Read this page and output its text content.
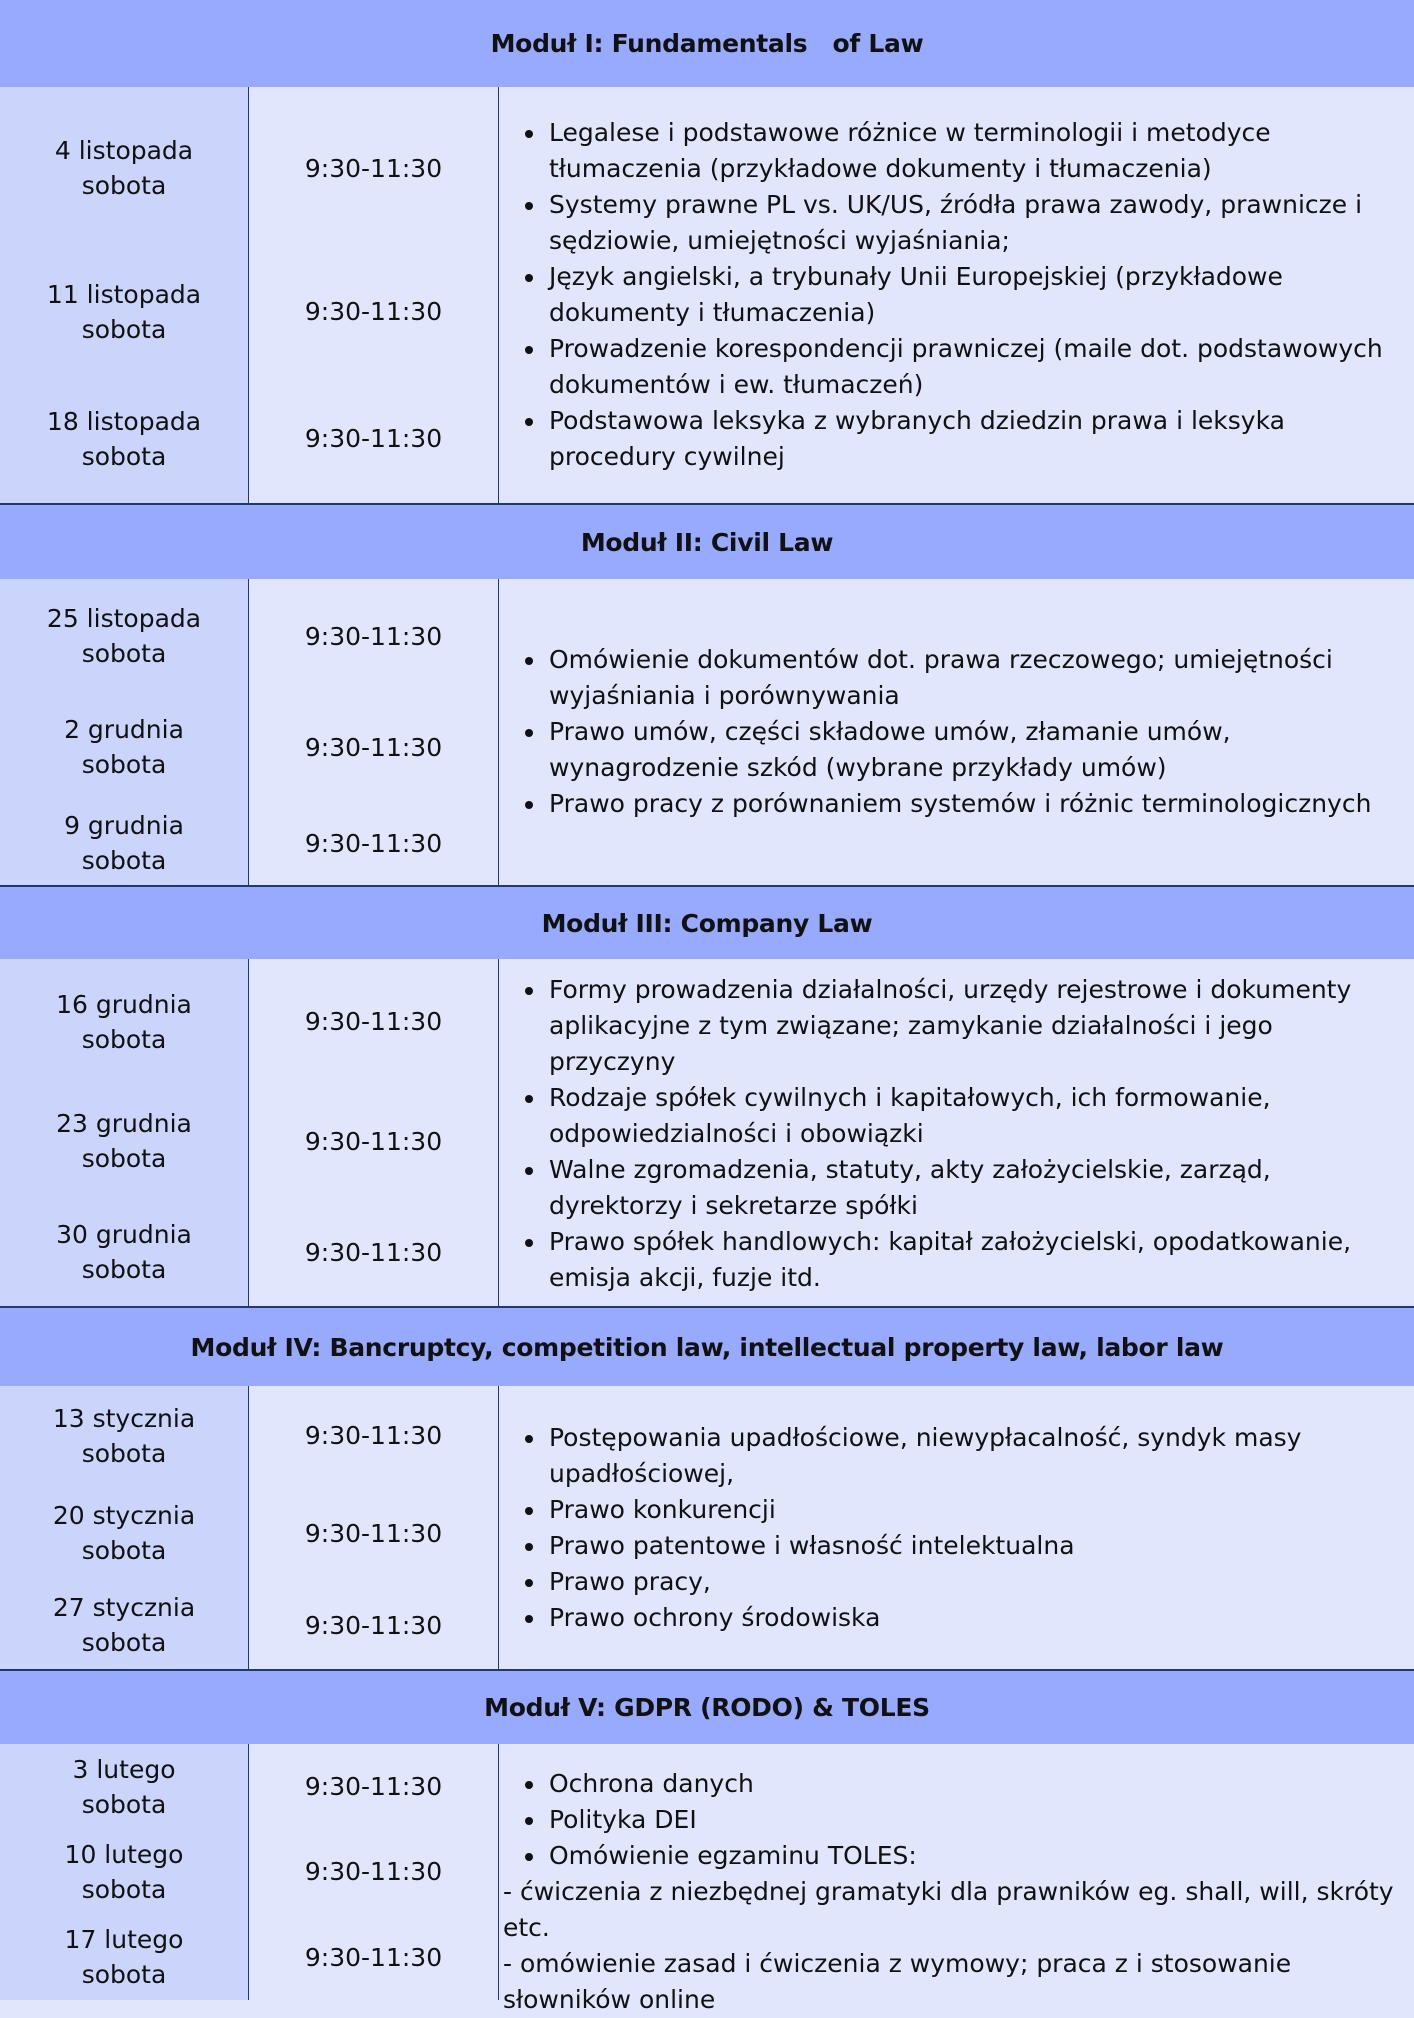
Moduł I: Fundamentals   of Law
4 listopada
sobota
9:30-11:30
11 listopada
sobota
9:30-11:30
18 listopada
sobota
9:30-11:30
• Legalese i podstawowe różnice w terminologii i metodyce tłumaczenia (przykładowe dokumenty i tłumaczenia)
• Systemy prawne PL vs. UK/US, źródła prawa zawody, prawnicze i sędziowie, umiejętności wyjaśniania;
• Język angielski, a trybunały Unii Europejskiej (przykładowe dokumenty i tłumaczenia)
• Prowadzenie korespondencji prawniczej (maile dot. podstawowych dokumentów i ew. tłumaczeń)
• Podstawowa leksyka z wybranych dziedzin prawa i leksyka procedury cywilnej
Moduł II: Civil Law
25 listopada
sobota
9:30-11:30
2 grudnia
sobota
9:30-11:30
9 grudnia
sobota
9:30-11:30
• Omówienie dokumentów dot. prawa rzeczowego; umiejętności wyjaśniania i porównywania
• Prawo umów, części składowe umów, złamanie umów, wynagrodzenie szkód (wybrane przykłady umów)
• Prawo pracy z porównaniem systemów i różnic terminologicznych
Moduł III: Company Law
16 grudnia
sobota
9:30-11:30
23 grudnia
sobota
9:30-11:30
30 grudnia
sobota
9:30-11:30
• Formy prowadzenia działalności, urzędy rejestrowe i dokumenty aplikacyjne z tym związane; zamykanie działalności i jego przyczyny
• Rodzaje spółek cywilnych i kapitałowych, ich formowanie, odpowiedzialności i obowiązki
• Walne zgromadzenia, statuty, akty założycielskie, zarząd, dyrektorzy i sekretarze spółki
• Prawo spółek handlowych: kapitał założycielski, opodatkowanie, emisja akcji, fuzje itd.
Moduł IV: Bancruptcy, competition law, intellectual property law, labor law
13 stycznia
sobota
9:30-11:30
20 stycznia
sobota
9:30-11:30
27 stycznia
sobota
9:30-11:30
• Postępowania upadłościowe, niewypłacalność, syndyk masy upadłościowej,
• Prawo konkurencji
• Prawo patentowe i własność intelektualna
• Prawo pracy,
• Prawo ochrony środowiska
Moduł V: GDPR (RODO) & TOLES
3 lutego
sobota
9:30-11:30
10 lutego
sobota
9:30-11:30
17 lutego
sobota
9:30-11:30
• Ochrona danych
• Polityka DEI
• Omówienie egzaminu TOLES:
- ćwiczenia z niezbędnej gramatyki dla prawników eg. shall, will, skróty etc.
- omówienie zasad i ćwiczenia z wymowy; praca z i stosowanie słowników online
